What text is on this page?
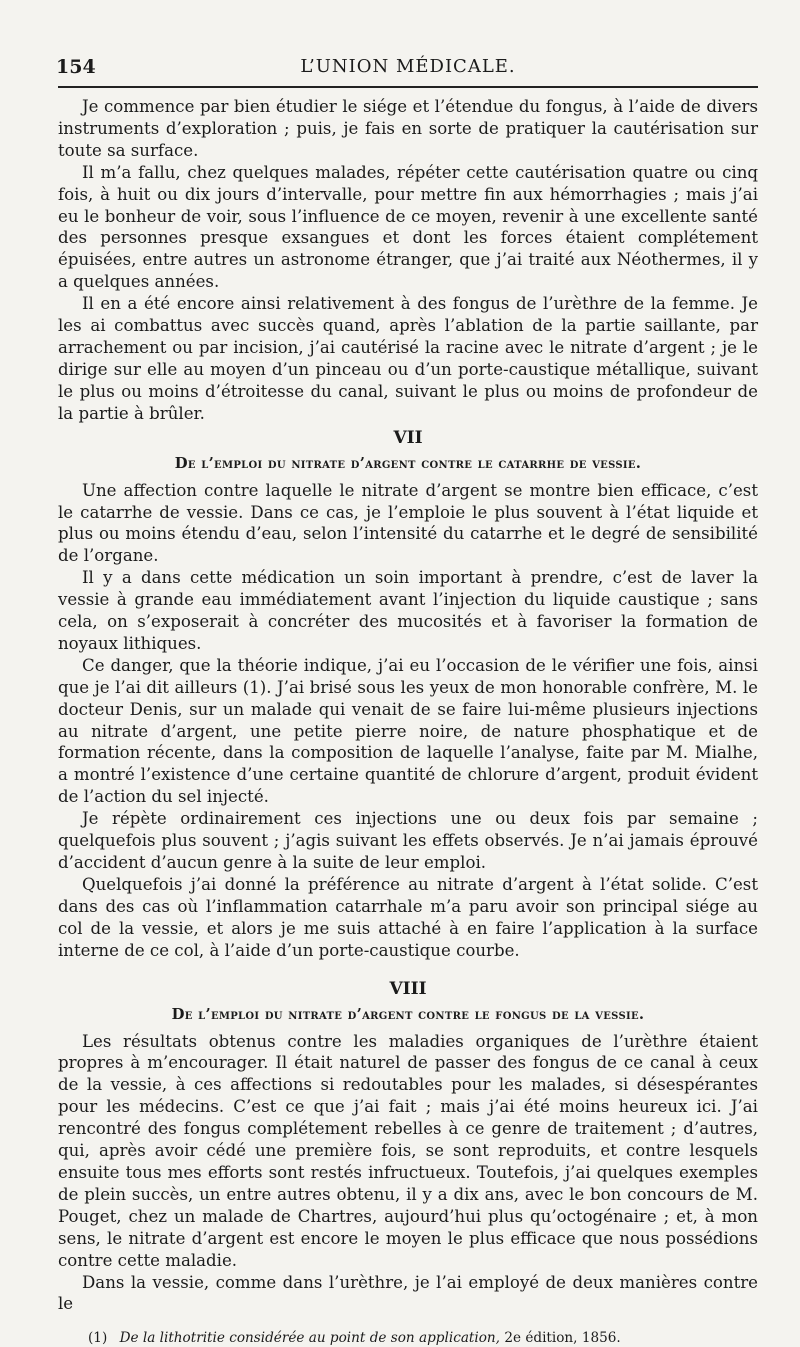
154	L’UNION MÉDICALE.

Je commence par bien étudier le siége et l’étendue du fongus, à l’aide de divers instruments d’exploration ; puis, je fais en sorte de pratiquer la cautérisation sur toute sa surface.

Il m’a fallu, chez quelques malades, répéter cette cautérisation quatre ou cinq fois, à huit ou dix jours d’intervalle, pour mettre fin aux hémorrhagies ; mais j’ai eu le bonheur de voir, sous l’influence de ce moyen, revenir à une excellente santé des personnes presque exsangues et dont les forces étaient complétement épuisées, entre autres un astronome étranger, que j’ai traité aux Néothermes, il y a quelques années.

Il en a été encore ainsi relativement à des fongus de l’urèthre de la femme. Je les ai combattus avec succès quand, après l’ablation de la partie saillante, par arrachement ou par incision, j’ai cautérisé la racine avec le nitrate d’argent ; je le dirige sur elle au moyen d’un pinceau ou d’un porte-caustique métallique, suivant le plus ou moins d’étroitesse du canal, suivant le plus ou moins de profondeur de la partie à brûler.

VII
De l’emploi du nitrate d’argent contre le catarrhe de vessie.

Une affection contre laquelle le nitrate d’argent se montre bien efficace, c’est le catarrhe de vessie. Dans ce cas, je l’emploie le plus souvent à l’état liquide et plus ou moins étendu d’eau, selon l’intensité du catarrhe et le degré de sensibilité de l’organe.

Il y a dans cette médication un soin important à prendre, c’est de laver la vessie à grande eau immédiatement avant l’injection du liquide caustique ; sans cela, on s’exposerait à concréter des mucosités et à favoriser la formation de noyaux lithiques.

Ce danger, que la théorie indique, j’ai eu l’occasion de le vérifier une fois, ainsi que je l’ai dit ailleurs (1). J’ai brisé sous les yeux de mon honorable confrère, M. le docteur Denis, sur un malade qui venait de se faire lui-même plusieurs injections au nitrate d’argent, une petite pierre noire, de nature phosphatique et de formation récente, dans la composition de laquelle l’analyse, faite par M. Mialhe, a montré l’existence d’une certaine quantité de chlorure d’argent, produit évident de l’action du sel injecté.

Je répète ordinairement ces injections une ou deux fois par semaine ; quelquefois plus souvent ; j’agis suivant les effets observés. Je n’ai jamais éprouvé d’accident d’aucun genre à la suite de leur emploi.

Quelquefois j’ai donné la préférence au nitrate d’argent à l’état solide. C’est dans des cas où l’inflammation catarrhale m’a paru avoir son principal siége au col de la vessie, et alors je me suis attaché à en faire l’application à la surface interne de ce col, à l’aide d’un porte-caustique courbe.

VIII
De l’emploi du nitrate d’argent contre le fongus de la vessie.

Les résultats obtenus contre les maladies organiques de l’urèthre étaient propres à m’encourager. Il était naturel de passer des fongus de ce canal à ceux de la vessie, à ces affections si redoutables pour les malades, si désespérantes pour les médecins. C’est ce que j’ai fait ; mais j’ai été moins heureux ici. J’ai rencontré des fongus complétement rebelles à ce genre de traitement ; d’autres, qui, après avoir cédé une première fois, se sont reproduits, et contre lesquels ensuite tous mes efforts sont restés infructueux. Toutefois, j’ai quelques exemples de plein succès, un entre autres obtenu, il y a dix ans, avec le bon concours de M. Pouget, chez un malade de Chartres, aujourd’hui plus qu’octogénaire ; et, à mon sens, le nitrate d’argent est encore le moyen le plus efficace que nous possédions contre cette maladie.

Dans la vessie, comme dans l’urèthre, je l’ai employé de deux manières contre le

(1) De la lithotritie considérée au point de son application, 2e édition, 1856.
